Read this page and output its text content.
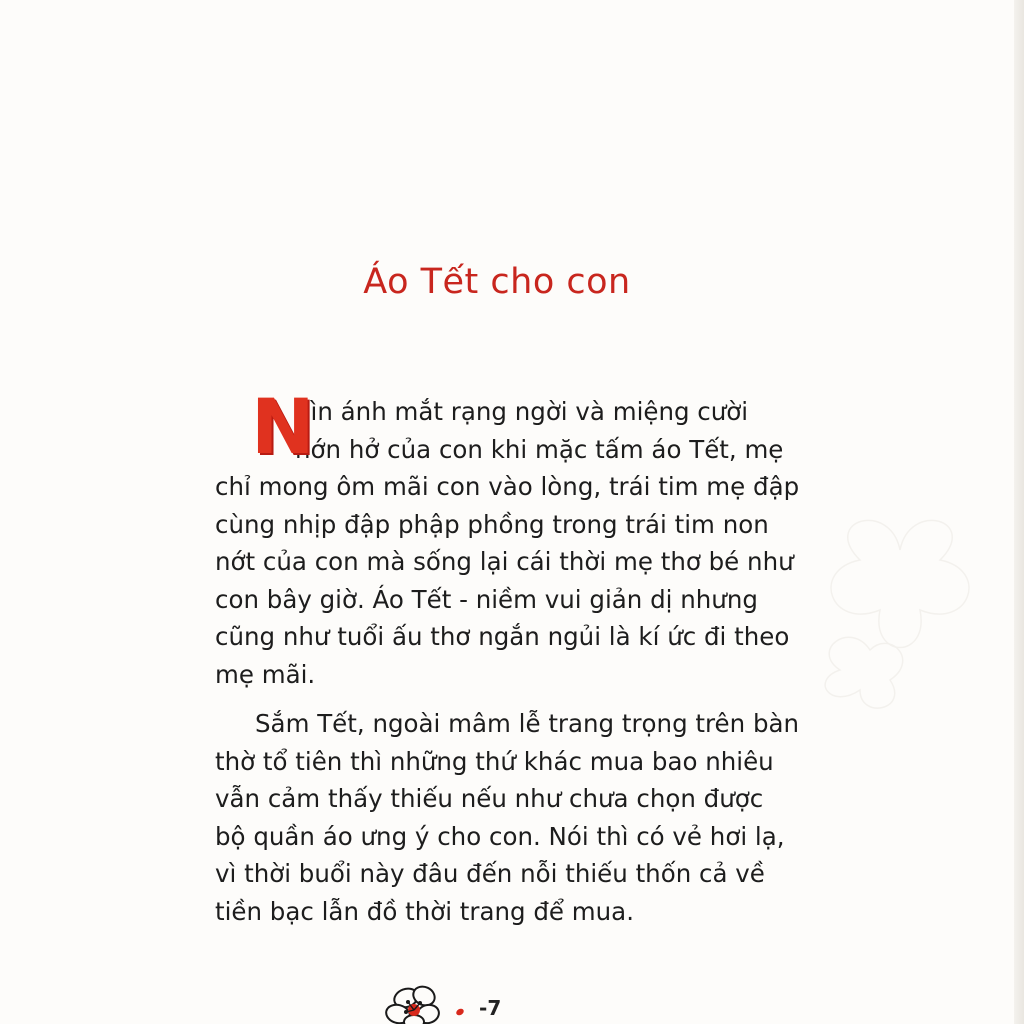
Áo Tết cho con
N
hìn ánh mắt rạng ngời và miệng cười
hớn hở của con khi mặc tấm áo Tết, mẹ
chỉ mong ôm mãi con vào lòng, trái tim mẹ đập
cùng nhịp đập phập phồng trong trái tim non
nớt của con mà sống lại cái thời mẹ thơ bé như
con bây giờ. Áo Tết - niềm vui giản dị nhưng
cũng như tuổi ấu thơ ngắn ngủi là kí ức đi theo
mẹ mãi.
Sắm Tết, ngoài mâm lễ trang trọng trên bàn
thờ tổ tiên thì những thứ khác mua bao nhiêu
vẫn cảm thấy thiếu nếu như chưa chọn được
bộ quần áo ưng ý cho con. Nói thì có vẻ hơi lạ,
vì thời buổi này đâu đến nỗi thiếu thốn cả về
tiền bạc lẫn đồ thời trang để mua.
-7
